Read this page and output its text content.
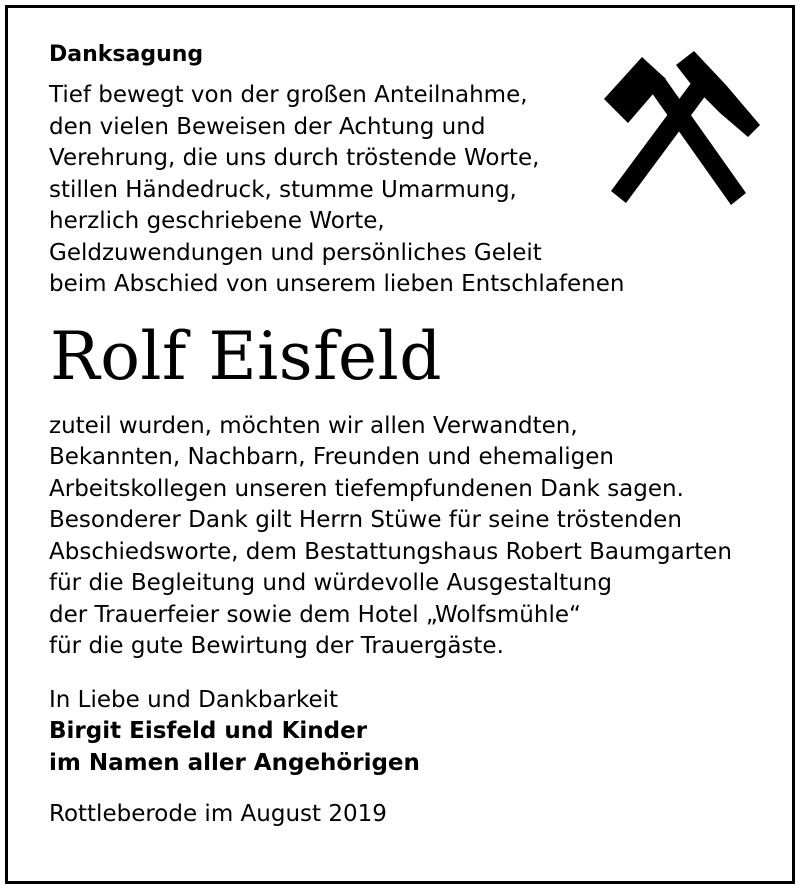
Danksagung
Tief bewegt von der großen Anteilnahme,
den vielen Beweisen der Achtung und
Verehrung, die uns durch tröstende Worte,
stillen Händedruck, stumme Umarmung,
herzlich geschriebene Worte,
Geldzuwendungen und persönliches Geleit
beim Abschied von unserem lieben Entschlafenen
Rolf Eisfeld
zuteil wurden, möchten wir allen Verwandten,
Bekannten, Nachbarn, Freunden und ehemaligen
Arbeitskollegen unseren tiefempfundenen Dank sagen.
Besonderer Dank gilt Herrn Stüwe für seine tröstenden
Abschiedsworte, dem Bestattungshaus Robert Baumgarten
für die Begleitung und würdevolle Ausgestaltung
der Trauerfeier sowie dem Hotel „Wolfsmühle“
für die gute Bewirtung der Trauergäste.
In Liebe und Dankbarkeit
Birgit Eisfeld und Kinder
im Namen aller Angehörigen
Rottleberode im August 2019
